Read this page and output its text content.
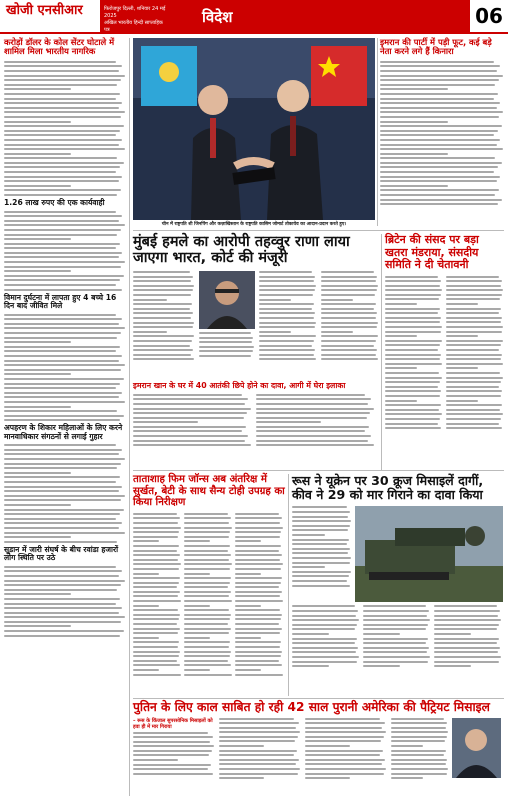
खोजी एनसीआर	फिरोजपुर दिल्ली, शनिवार 24 मई 2025
अखिल भारतीय हिन्दी साप्ताहिक पत्र
विदेश	06
करोड़ों डॉलर के कोल सेंटर घोटाले में शामिल मिला भारतीय नागरिक
1.26 लाख रुपए की एक कार्यवाही
विमान दुर्घटना में लापता हुए 4 बच्चे 16 दिन बाद जीवित मिले
अपहरण के शिकार महिलाओं के लिए करने मानवाधिकार संगठनों से लगाई गुहार
सूडान में जारी संघर्ष के बीच रवांडा हजारों लोग स्थिति पर उठे
चीन में राष्ट्रपति शी जिनपिंग और कज़ाखिस्तान के राष्ट्रपति कासिम जोमार्ट तोकायेव का आदान-प्रदान करते हुए।
इमरान की पार्टी में पड़ी फूट, कई बड़े नेता करने लगे हैं किनारा
मुंबई हमले का आरोपी तहव्वुर राणा लाया जाएगा भारत, कोर्ट की मंजूरी
इमरान खान के घर में 40 आतंकी छिपे होने का दावा, आगी में घेरा इलाका
ब्रिटेन की संसद पर बड़ा खतरा मंडराया, संसदीय समिति ने दी चेतावनी
ताताशाह फिम जॉन्स अब अंतरिक्ष में सुर्खत, बेटी के साथ सैन्य टोही उपग्रह का किया निरीक्षण
रूस ने यूक्रेन पर 30 क्रूज मिसाइलें दागीं, कीव ने 29 को मार गिराने का दावा किया
पुतिन के लिए काल साबित हो रही 42 साल पुरानी अमेरिका की पैट्रियट मिसाइल
– रूस के किंजाल सुपरसोनिक मिसाइलों को हवा ही में मार गिराया
